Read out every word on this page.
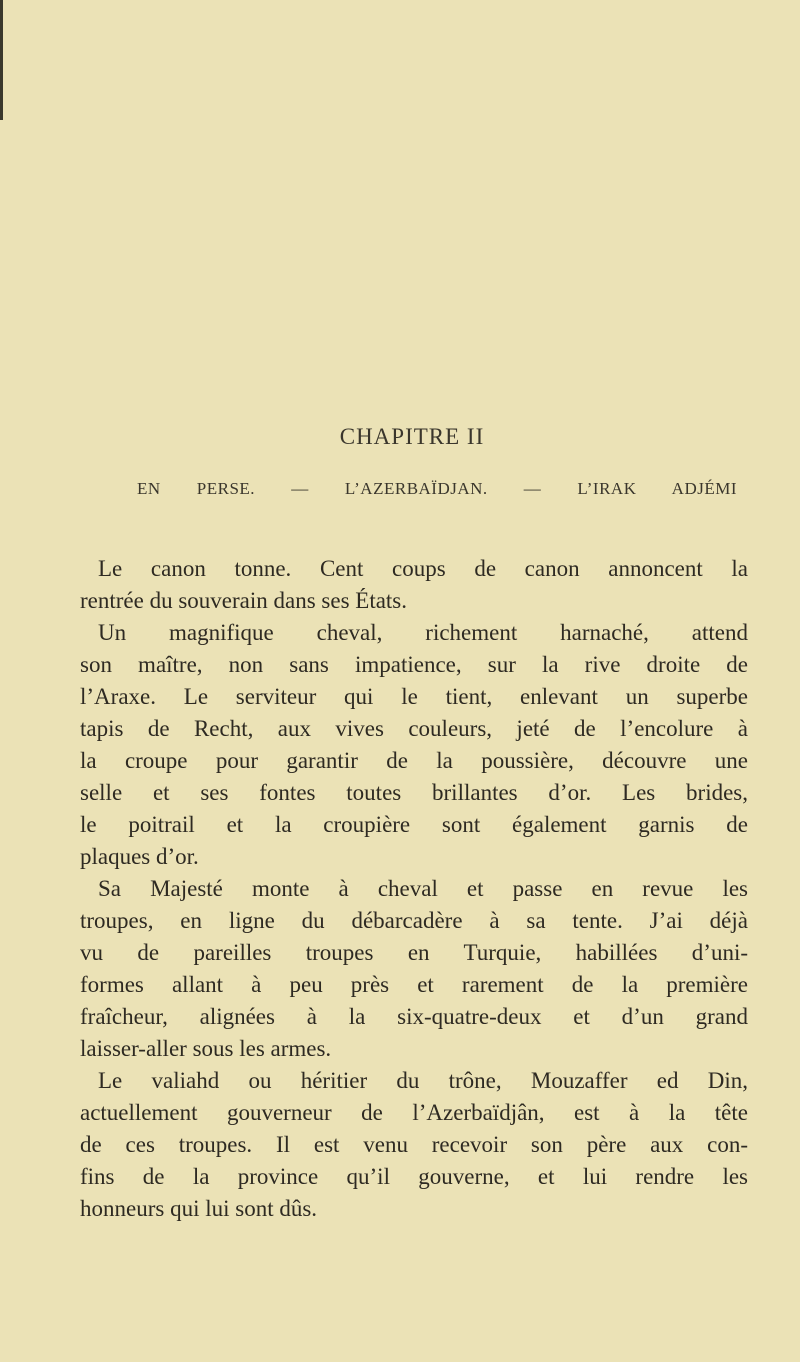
CHAPITRE II
EN PERSE. — L’AZERBAÏDJAN. — L’IRAK ADJÉMI
Le canon tonne. Cent coups de canon annoncent la
rentrée du souverain dans ses États.
Un magnifique cheval, richement harnaché, attend
son maître, non sans impatience, sur la rive droite de
l’Araxe. Le serviteur qui le tient, enlevant un superbe
tapis de Recht, aux vives couleurs, jeté de l’encolure à
la croupe pour garantir de la poussière, découvre une
selle et ses fontes toutes brillantes d’or. Les brides,
le poitrail et la croupière sont également garnis de
plaques d’or.
Sa Majesté monte à cheval et passe en revue les
troupes, en ligne du débarcadère à sa tente. J’ai déjà
vu de pareilles troupes en Turquie, habillées d’uni-
formes allant à peu près et rarement de la première
fraîcheur, alignées à la six-quatre-deux et d’un grand
laisser-aller sous les armes.
Le valiahd ou héritier du trône, Mouzaffer ed Din,
actuellement gouverneur de l’Azerbaïdjân, est à la tête
de ces troupes. Il est venu recevoir son père aux con-
fins de la province qu’il gouverne, et lui rendre les
honneurs qui lui sont dûs.
